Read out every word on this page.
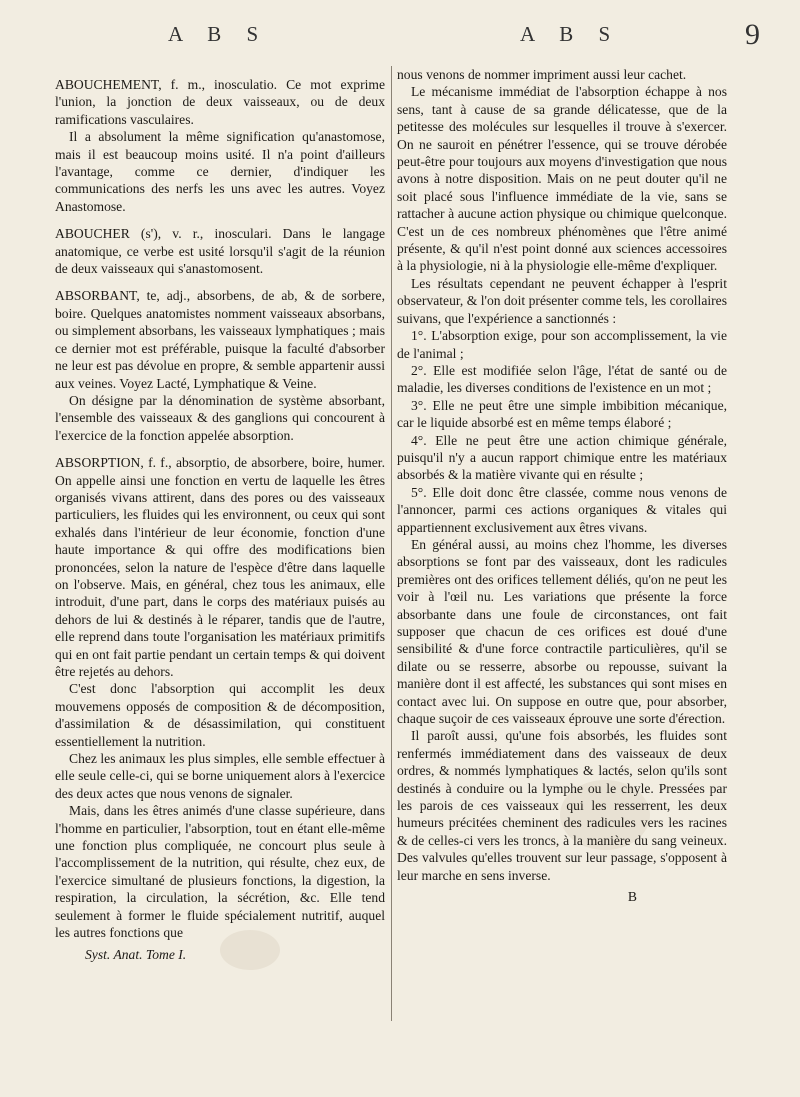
A B S	A B S	9

ABOUCHEMENT, f. m., inosculatio. Ce mot exprime l'union, la jonction de deux vaisseaux, ou de deux ramifications vasculaires.

Il a absolument la même signification qu'anastomose, mais il est beaucoup moins usité. Il n'a point d'ailleurs l'avantage, comme ce dernier, d'indiquer les communications des nerfs les uns avec les autres. Voyez Anastomose.

ABOUCHER (s'), v. r., inosculari. Dans le langage anatomique, ce verbe est usité lorsqu'il s'agit de la réunion de deux vaisseaux qui s'anastomosent.

ABSORBANT, te, adj., absorbens, de ab, & de sorbere, boire. Quelques anatomistes nomment vaisseaux absorbans, ou simplement absorbans, les vaisseaux lymphatiques ; mais ce dernier mot est préférable, puisque la faculté d'absorber ne leur est pas dévolue en propre, & semble appartenir aussi aux veines. Voyez Lacté, Lymphatique & Veine.

On désigne par la dénomination de système absorbant, l'ensemble des vaisseaux & des ganglions qui concourent à l'exercice de la fonction appelée absorption.

ABSORPTION, f. f., absorptio, de absorbere, boire, humer. On appelle ainsi une fonction en vertu de laquelle les êtres organisés vivans attirent, dans des pores ou des vaisseaux particuliers, les fluides qui les environnent, ou ceux qui sont exhalés dans l'intérieur de leur économie, fonction d'une haute importance & qui offre des modifications bien prononcées, selon la nature de l'espèce d'être dans laquelle on l'observe. Mais, en général, chez tous les animaux, elle introduit, d'une part, dans le corps des matériaux puisés au dehors de lui & destinés à le réparer, tandis que de l'autre, elle reprend dans toute l'organisation les matériaux primitifs qui en ont fait partie pendant un certain temps & qui doivent être rejetés au dehors.

C'est donc l'absorption qui accomplit les deux mouvemens opposés de composition & de décomposition, d'assimilation & de désassimilation, qui constituent essentiellement la nutrition.

Chez les animaux les plus simples, elle semble effectuer à elle seule celle-ci, qui se borne uniquement alors à l'exercice des deux actes que nous venons de signaler.

Mais, dans les êtres animés d'une classe supérieure, dans l'homme en particulier, l'absorption, tout en étant elle-même une fonction plus compliquée, ne concourt plus seule à l'accomplissement de la nutrition, qui résulte, chez eux, de l'exercice simultané de plusieurs fonctions, la digestion, la respiration, la circulation, la sécrétion, &c. Elle tend seulement à former le fluide spécialement nutritif, auquel les autres fonctions que

Syst. Anat. Tome I.

nous venons de nommer impriment aussi leur cachet.

Le mécanisme immédiat de l'absorption échappe à nos sens, tant à cause de sa grande délicatesse, que de la petitesse des molécules sur lesquelles il trouve à s'exercer. On ne sauroit en pénétrer l'essence, qui se trouve dérobée peut-être pour toujours aux moyens d'investigation que nous avons à notre disposition. Mais on ne peut douter qu'il ne soit placé sous l'influence immédiate de la vie, sans se rattacher à aucune action physique ou chimique quelconque. C'est un de ces nombreux phénomènes que l'être animé présente, & qu'il n'est point donné aux sciences accessoires à la physiologie, ni à la physiologie elle-même d'expliquer.

Les résultats cependant ne peuvent échapper à l'esprit observateur, & l'on doit présenter comme tels, les corollaires suivans, que l'expérience a sanctionnés :

1°. L'absorption exige, pour son accomplissement, la vie de l'animal ;

2°. Elle est modifiée selon l'âge, l'état de santé ou de maladie, les diverses conditions de l'existence en un mot ;

3°. Elle ne peut être une simple imbibition mécanique, car le liquide absorbé est en même temps élaboré ;

4°. Elle ne peut être une action chimique générale, puisqu'il n'y a aucun rapport chimique entre les matériaux absorbés & la matière vivante qui en résulte ;

5°. Elle doit donc être classée, comme nous venons de l'annoncer, parmi ces actions organiques & vitales qui appartiennent exclusivement aux êtres vivans.

En général aussi, au moins chez l'homme, les diverses absorptions se font par des vaisseaux, dont les radicules premières ont des orifices tellement déliés, qu'on ne peut les voir à l'œil nu. Les variations que présente la force absorbante dans une foule de circonstances, ont fait supposer que chacun de ces orifices est doué d'une sensibilité & d'une force contractile particulières, qu'il se dilate ou se resserre, absorbe ou repousse, suivant la manière dont il est affecté, les substances qui sont mises en contact avec lui. On suppose en outre que, pour absorber, chaque suçoir de ces vaisseaux éprouve une sorte d'érection.

Il paroît aussi, qu'une fois absorbés, les fluides sont renfermés immédiatement dans des vaisseaux de deux ordres, & nommés lymphatiques & lactés, selon qu'ils sont destinés à conduire ou la lymphe ou le chyle. Pressées par les parois de ces vaisseaux qui les resserrent, les deux humeurs précitées cheminent des radicules vers les racines & de celles-ci vers les troncs, à la manière du sang veineux. Des valvules qu'elles trouvent sur leur passage, s'opposent à leur marche en sens inverse.

B
